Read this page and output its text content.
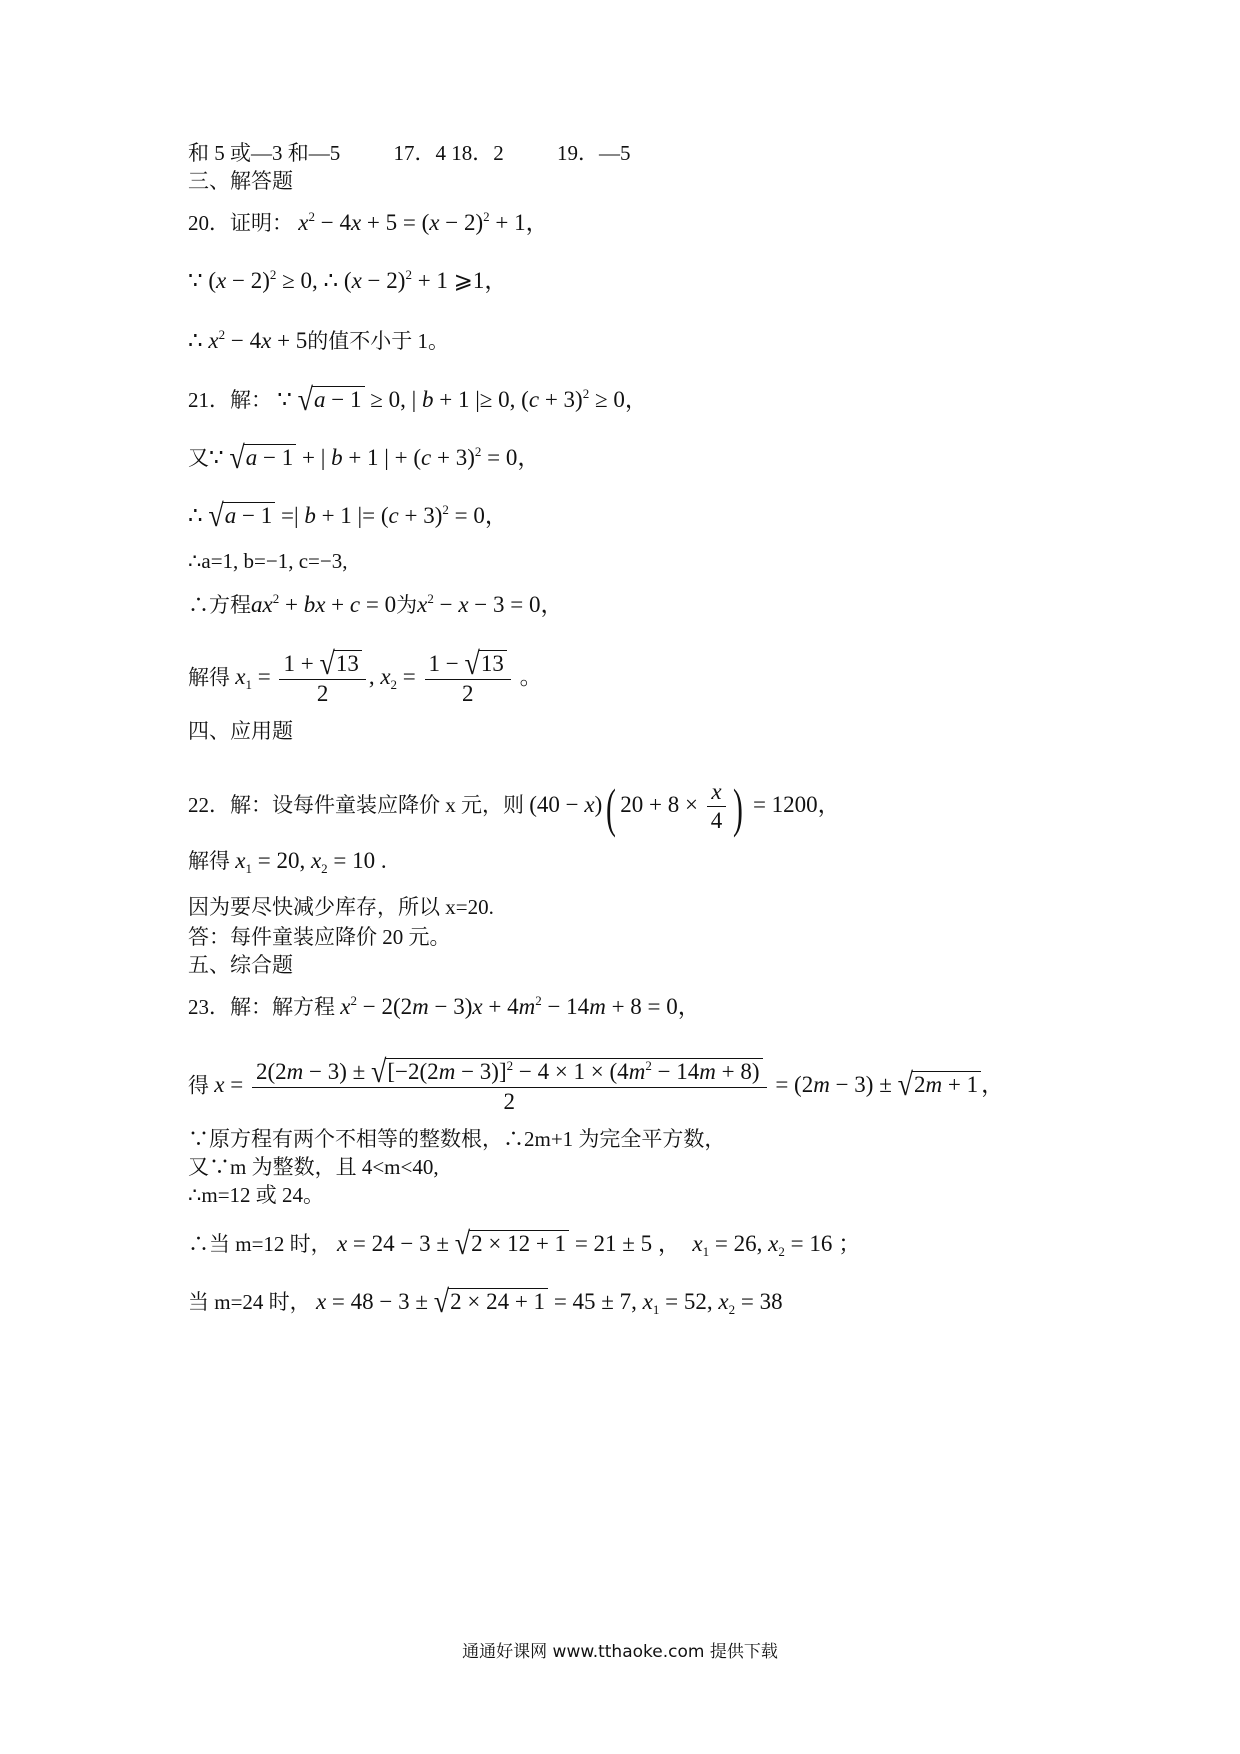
和 5 或—3 和—5	17．4 18．2	19．—5
三、解答题
20．证明： $x^2 - 4x + 5 = (x - 2)^2 + 1$，
∵ $(x - 2)^2 \ge 0$, ∴ $(x - 2)^2 + 1$ ⩾1，
∴ $x^2 - 4x + 5$的值不小于 1。
21．解： ∵ √a − 1 ≥ 0, | b + 1 |≥ 0, $(c + 3)^2 \ge 0$，
又∵ √a − 1 + | b + 1 | + $(c + 3)^2 = 0$，
∴ √a − 1 =| b + 1 |= $(c + 3)^2 = 0$，
∴a=1, b=−1, c=−3,
∴方程$ax^2$ + bx + c = 0为$x^2 - x - 3 = 0$，
解得 $x_1 = \frac{1 + √13}{2}$ , $x_2 = \frac{1 - √13}{2}$ 。
四、应用题
22．解：设每件童装应降价 x 元，则 (40 − x)( $20 + 8 \times \frac{x}{4}$ ) = 1200，
解得 $x_1 = 20$, $x_2 = 10$ .
因为要尽快减少库存，所以 x=20.
答：每件童装应降价 20 元。
五、综合题
23．解：解方程 $x^2 - 2(2m - 3)x + 4m^2 - 14m + 8 = 0$，
得 $x = \frac{2(2m - 3) \pm √[-2(2m - 3)]^2 - 4 \times 1 \times (4m^2 - 14m + 8)}{2} = (2m - 3) \pm √2m + 1$ ，
∵原方程有两个不相等的整数根，∴2m+1 为完全平方数，
又∵m 为整数，且 4<m<40,
∴m=12 或 24。
∴当 m=12 时， x = 24 − 3 ± √2 × 12 + 1 = 21 ± 5 ，  $x_1 = 26$, $x_2 = 16$ ；
当 m=24 时， x = 48 − 3 ± √2 × 24 + 1 = 45 ± 7, $x_1 = 52$, $x_2 = 38$
通通好课网 www.tthaoke.com 提供下载
